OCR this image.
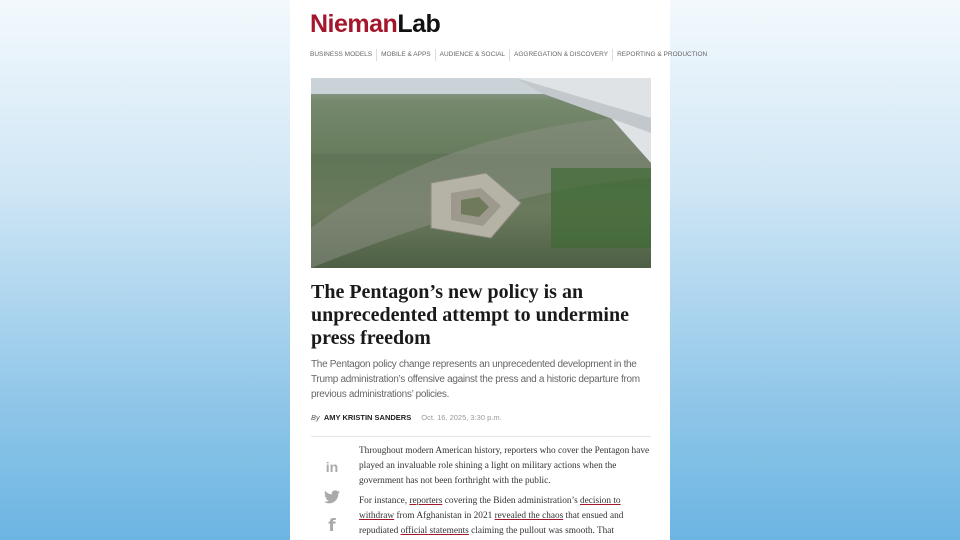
NiemanLab
BUSINESS MODELS	MOBILE & APPS	AUDIENCE & SOCIAL	AGGREGATION & DISCOVERY	REPORTING & PRODUCTION
The Pentagon’s new policy is an unprecedented attempt to undermine press freedom
The Pentagon policy change represents an unprecedented development in the Trump administration’s offensive against the press and a historic departure from previous administrations’ policies.
By AMY KRISTIN SANDERS Oct. 16, 2025, 3:30 p.m.
in
f

Throughout modern American history, reporters who cover the Pentagon have played an invaluable role shining a light on military actions when the government has not been forthright with the public.

For instance, reporters covering the Biden administration’s decision to withdraw from Afghanistan in 2021 revealed the chaos that ensued and repudiated official statements claiming the pullout was smooth. That
